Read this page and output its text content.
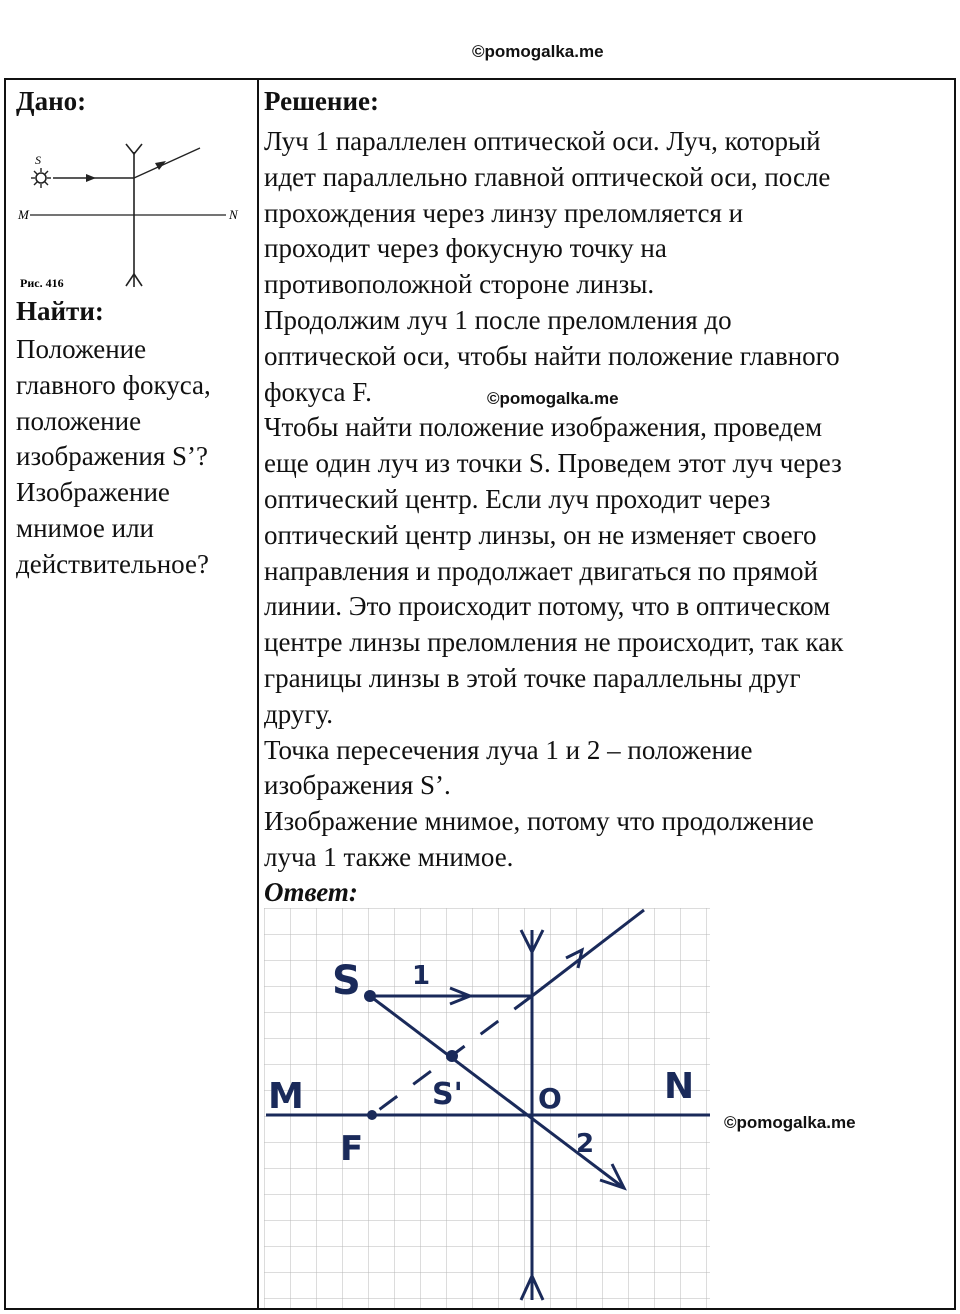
©pomogalka.me

Дано:

S
M	N
Рис. 416

Найти:

Положение

главного фокуса,

положение

изображения S’?

Изображение

мнимое или

действительное?

Решение:

Луч 1 параллелен оптической оси. Луч, который

идет параллельно главной оптической оси, после

прохождения через линзу преломляется и

проходит через фокусную точку на

противоположной стороне линзы.

Продолжим луч 1 после преломления до

оптической оси, чтобы найти положение главного

фокуса F.

Чтобы найти положение изображения, проведем

еще один луч из точки S. Проведем этот луч через

оптический центр. Если луч проходит через

оптический центр линзы, он не изменяет своего

направления и продолжает двигаться по прямой

линии. Это происходит потому, что в оптическом

центре линзы преломления не происходит, так как

границы линзы в этой точке параллельны друг

другу.

Точка пересечения луча 1 и 2 – положение

изображения S’.

Изображение мнимое, потому что продолжение

луча 1 также мнимое.

Ответ:

©pomogalka.me
S 1
S'	O
F
M	N
2
©pomogalka.me
